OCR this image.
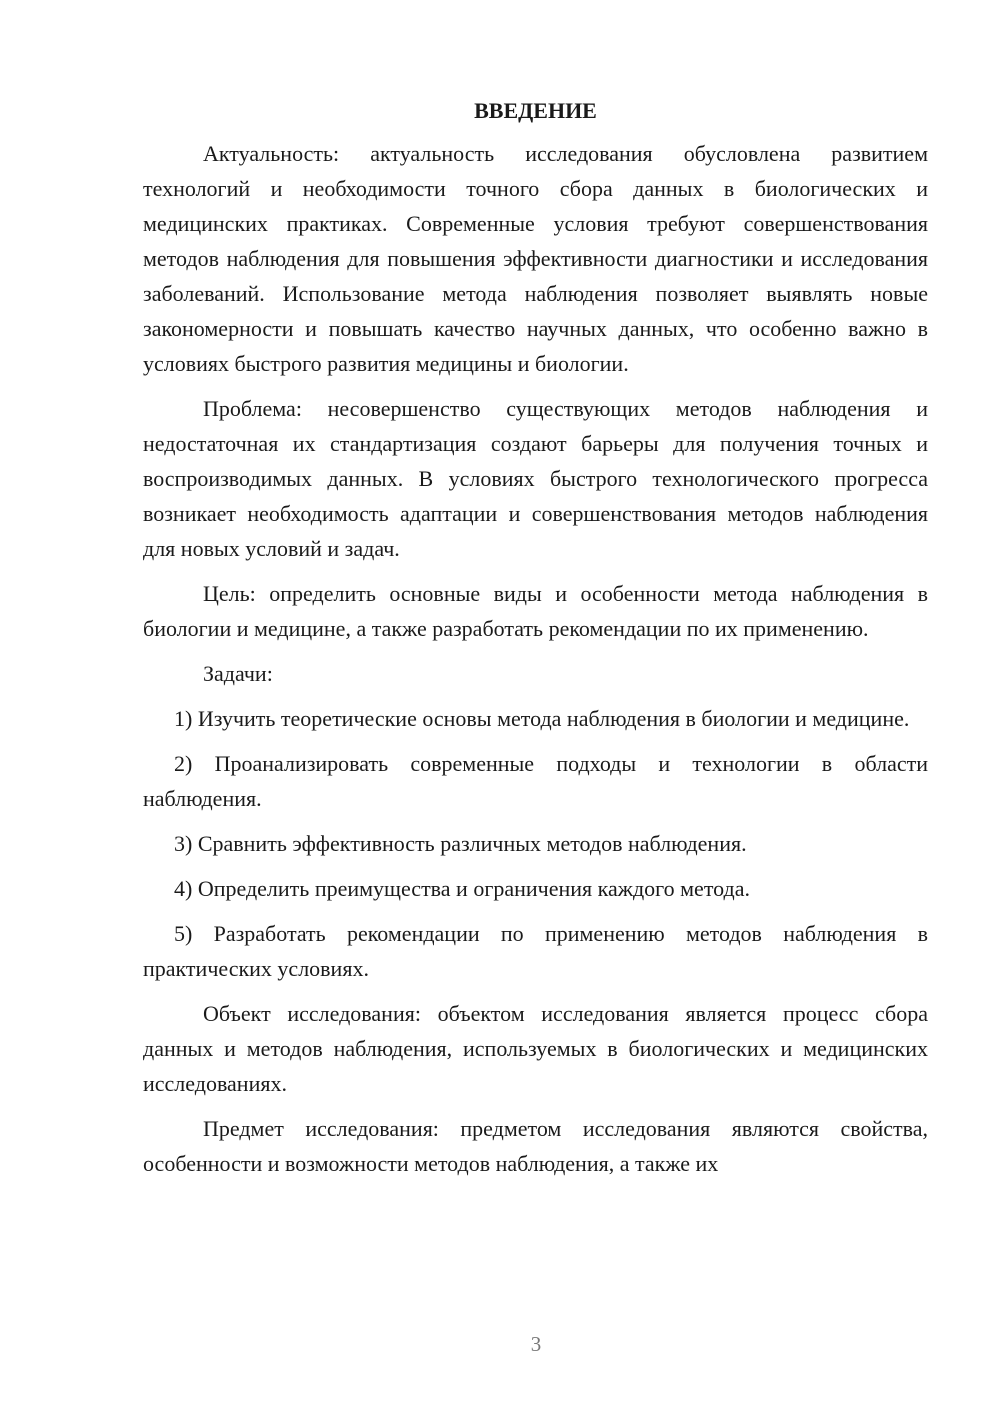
ВВЕДЕНИЕ

Актуальность: актуальность исследования обусловлена развитием технологий и необходимости точного сбора данных в биологических и медицинских практиках. Современные условия требуют совершенствования методов наблюдения для повышения эффективности диагностики и исследования заболеваний. Использование метода наблюдения позволяет выявлять новые закономерности и повышать качество научных данных, что особенно важно в условиях быстрого развития медицины и биологии.

Проблема: несовершенство существующих методов наблюдения и недостаточная их стандартизация создают барьеры для получения точных и воспроизводимых данных. В условиях быстрого технологического прогресса возникает необходимость адаптации и совершенствования методов наблюдения для новых условий и задач.

Цель: определить основные виды и особенности метода наблюдения в биологии и медицине, а также разработать рекомендации по их применению.

Задачи:

1) Изучить теоретические основы метода наблюдения в биологии и медицине.

2) Проанализировать современные подходы и технологии в области наблюдения.

3) Сравнить эффективность различных методов наблюдения.

4) Определить преимущества и ограничения каждого метода.

5) Разработать рекомендации по применению методов наблюдения в практических условиях.

Объект исследования: объектом исследования является процесс сбора данных и методов наблюдения, используемых в биологических и медицинских исследованиях.

Предмет исследования: предметом исследования являются свойства, особенности и возможности методов наблюдения, а также их

3
